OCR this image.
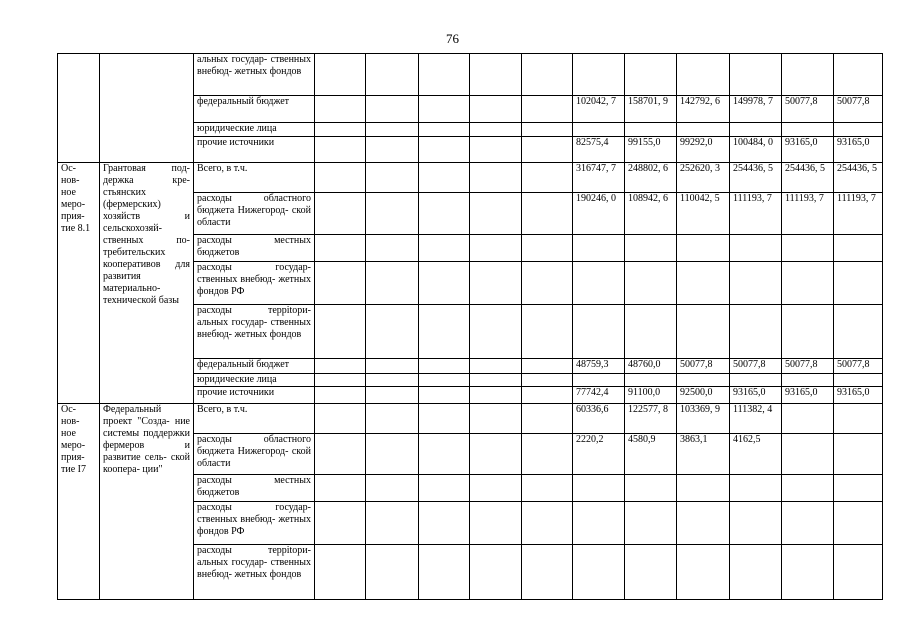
76
		альных государ- ственных внебюд- жетных фондов											
		федеральный бюджет						102042, 7	158701, 9	142792, 6	149978, 7	50077,8	50077,8
		юридические лица											
		прочие источники						82575,4	99155,0	99292,0	100484, 0	93165,0	93165,0
Ос- нов- ное меро- прия- тие 8.1	Грантовая под- держка кре- стьянских (фермерских) хозяйств и сельскохозяй- ственных по- требительских кооперативов для развития материально- технической базы	Всего, в т.ч.						316747, 7	248802, 6	252620, 3	254436, 5	254436, 5	254436, 5
		расходы областного бюджета Нижегород- ской области						190246, 0	108942, 6	110042, 5	111193, 7	111193, 7	111193, 7
		расходы местных бюджетов											
		расходы государ- ственных внебюд- жетных фондов РФ											
		расходы террitори- альных государ- ственных внебюд- жетных фондов											
		федеральный бюджет						48759,3	48760,0	50077,8	50077,8	50077,8	50077,8
		юридические лица											
		прочие источники						77742,4	91100,0	92500,0	93165,0	93165,0	93165,0
Ос- нов- ное меро- прия- тие I7	Федеральный проект "Созда- ние системы поддержки фермеров и развитие сель- ской коопера- ции"	Всего, в т.ч.						60336,6	122577, 8	103369, 9	111382, 4		
		расходы областного бюджета Нижегород- ской области						2220,2	4580,9	3863,1	4162,5		
		расходы местных бюджетов											
		расходы государ- ственных внебюд- жетных фондов РФ											
		расходы террitори- альных государ- ственных внебюд- жетных фондов											
